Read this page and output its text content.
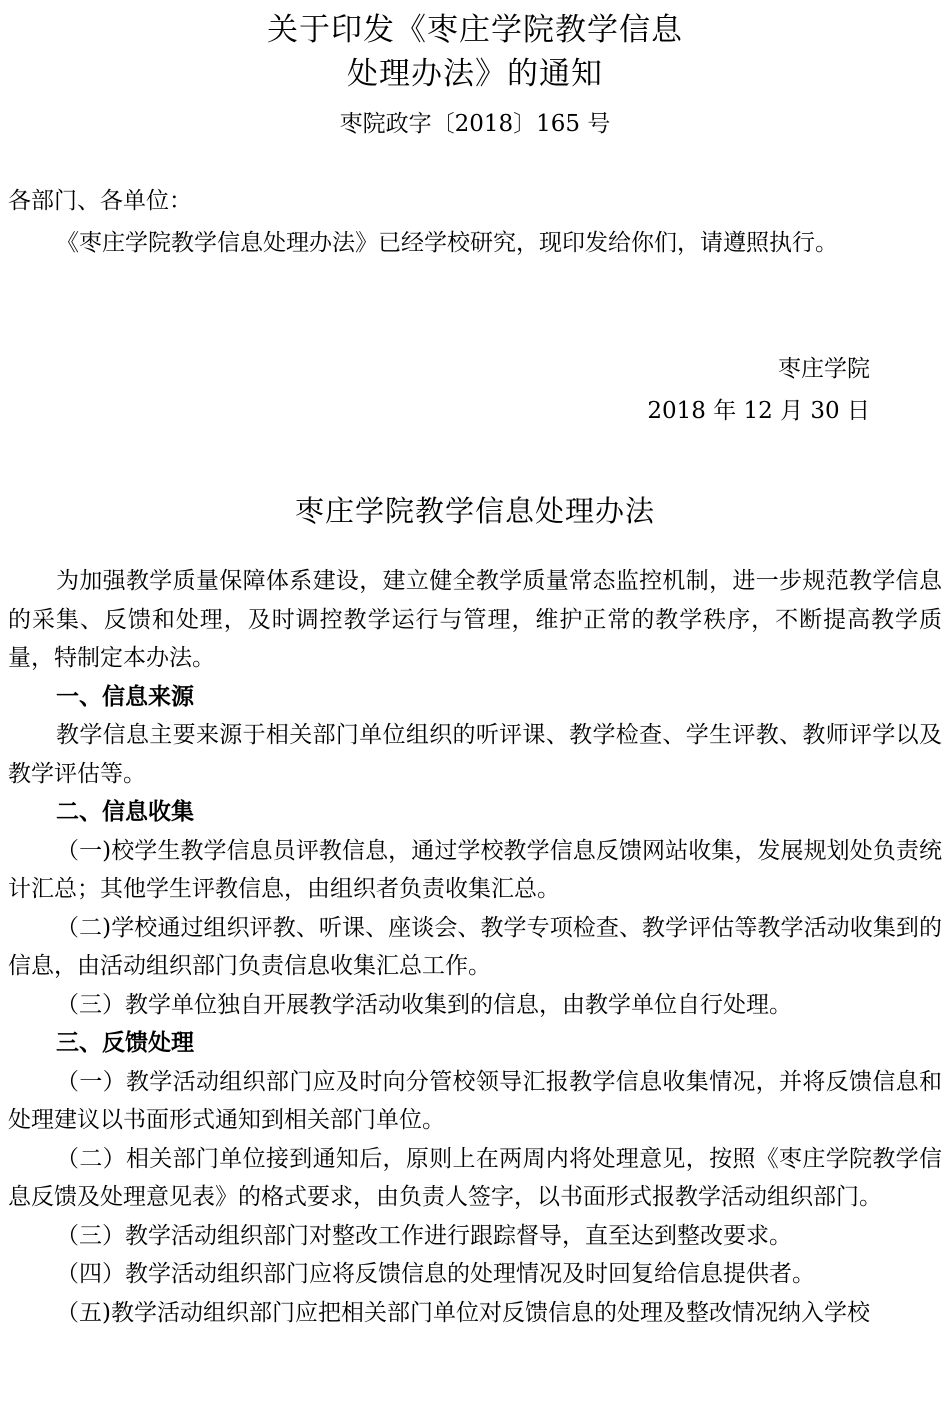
关于印发《枣庄学院教学信息
处理办法》的通知
枣院政字〔2018〕165 号
各部门、各单位：

《枣庄学院教学信息处理办法》已经学校研究，现印发给你们，请遵照执行。

枣庄学院
2018 年 12 月 30 日
枣庄学院教学信息处理办法

为加强教学质量保障体系建设，建立健全教学质量常态监控机制，进一步规范教学信息的采集、反馈和处理，及时调控教学运行与管理，维护正常的教学秩序，不断提高教学质量，特制定本办法。

一、信息来源

教学信息主要来源于相关部门单位组织的听评课、教学检查、学生评教、教师评学以及教学评估等。

二、信息收集

（一)校学生教学信息员评教信息，通过学校教学信息反馈网站收集，发展规划处负责统计汇总；其他学生评教信息，由组织者负责收集汇总。

（二)学校通过组织评教、听课、座谈会、教学专项检查、教学评估等教学活动收集到的信息，由活动组织部门负责信息收集汇总工作。

（三）教学单位独自开展教学活动收集到的信息，由教学单位自行处理。

三、反馈处理

（一）教学活动组织部门应及时向分管校领导汇报教学信息收集情况，并将反馈信息和处理建议以书面形式通知到相关部门单位。

（二）相关部门单位接到通知后，原则上在两周内将处理意见，按照《枣庄学院教学信息反馈及处理意见表》的格式要求，由负责人签字，以书面形式报教学活动组织部门。

（三）教学活动组织部门对整改工作进行跟踪督导，直至达到整改要求。

（四）教学活动组织部门应将反馈信息的处理情况及时回复给信息提供者。

（五)教学活动组织部门应把相关部门单位对反馈信息的处理及整改情况纳入学校
